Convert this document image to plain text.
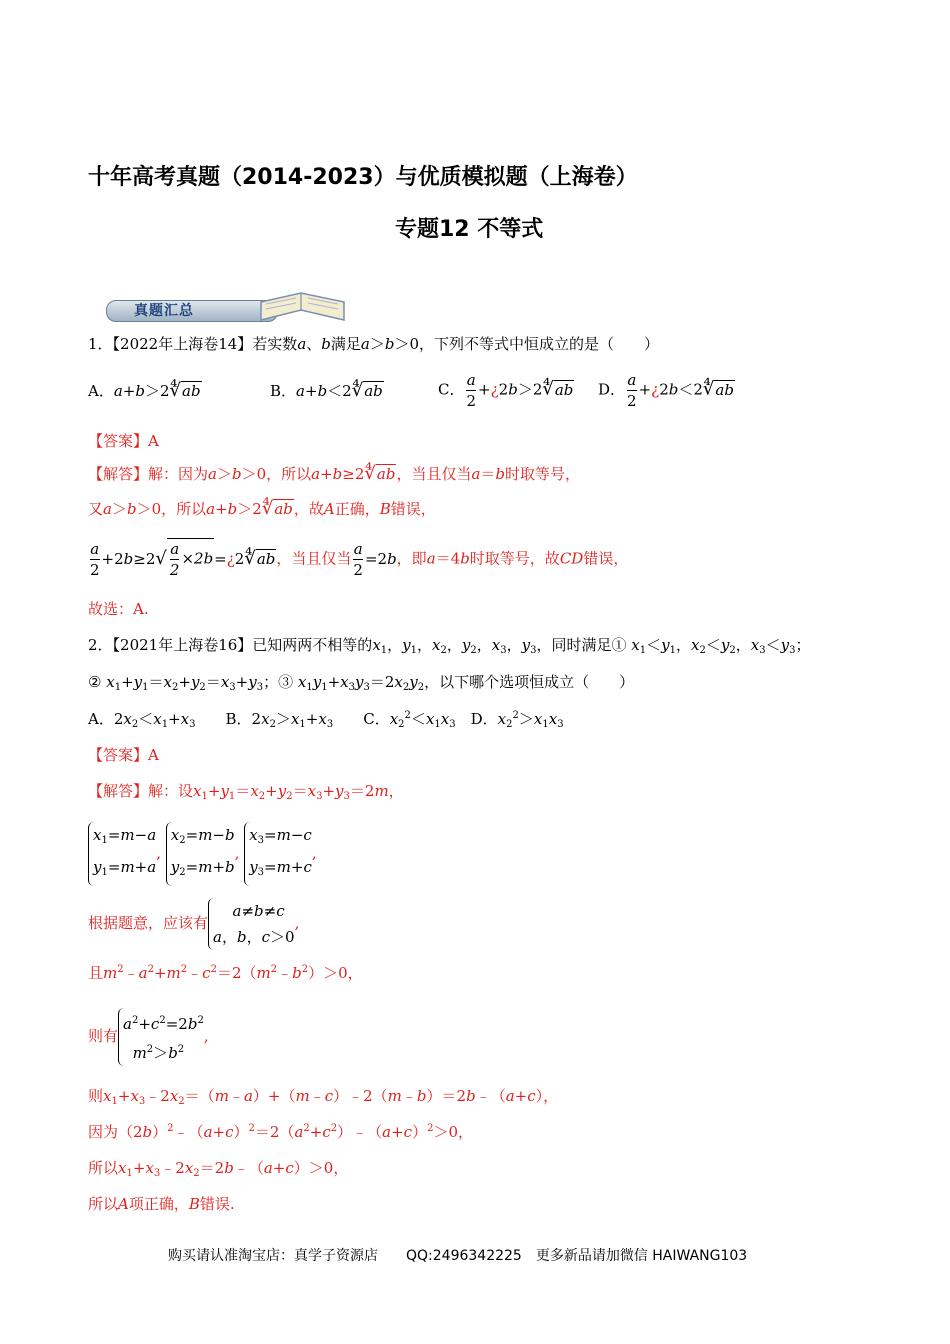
十年高考真题（2014-2023）与优质模拟题（上海卷）
专题12 不等式
真题汇总
1．【2022年上海卷14】若实数a、b满足a＞b＞0，下列不等式中恒成立的是（　　）
A．a+b＞2∜ab	B．a+b＜2∜ab	C． $\frac{a}{2}$ +¿2b＞2∜ab D． $\frac{a}{2}$ +¿2b＜2∜ab
【答案】A
【解答】解：因为a＞b＞0，所以a+b≥2∜ab，当且仅当a＝b时取等号，
又a＞b＞0，所以a+b＞2∜ab，故A正确，B错误，
$\frac{a}{2} +2b\ge 2√ \frac{a}{2}$ ×2b=¿2∜ab，当且仅当 $\frac{a}{2} =2b$，即a＝4b时取等号，故CD错误，
故选：A.
2．【2021年上海卷16】已知两两不相等的$x_1$，$y_1$，$x_2$，$y_2$，$x_3$，$y_3$，同时满足① $x_1<y_1$，$x_2<y_2$，$x_3<y_3$；
② $x_1+y_1=x_2+y_2=x_3+y_3$；③ $x_1y_1+x_3y_3=2x_2y_2$，以下哪个选项恒成立（　　）
A．$2x_2<x_1+x_3$　　B．$2x_2>x_1+x_3$　　C．$x_2^2<x_1x_3$　D．$x_2^2>x_1x_3$
【答案】A
【解答】解：设$x_1+y_1=x_2+y_2=x_3+y_3=2m$，
$x_1=m-a$
$y_1=m+a$, $x_2=m-b$
$y_2=m+b$, $x_3=m-c$
$y_3=m+c$,
根据题意，应该有  a≠b≠c
a，b，c＞0,
且$m^2﹣a^2+m^2﹣c^2=2(m^2﹣b^2)>0$，
则有$a^2+c^2=2b^2$
$m^2>b^2$,
则$x_1+x_3﹣2x_2=(m﹣a)+(m﹣c)﹣2(m﹣b)=2b﹣(a+c)$，
因为$(2b)^2﹣(a+c)^2=2(a^2+c^2)﹣(a+c)^2>0$，
所以$x_1+x_3﹣2x_2=2b﹣(a+c)>0$，
所以A项正确，B错误.
购买请认准淘宝店：真学子资源店　　QQ:2496342225　更多新品请加微信 HAIWANG103
